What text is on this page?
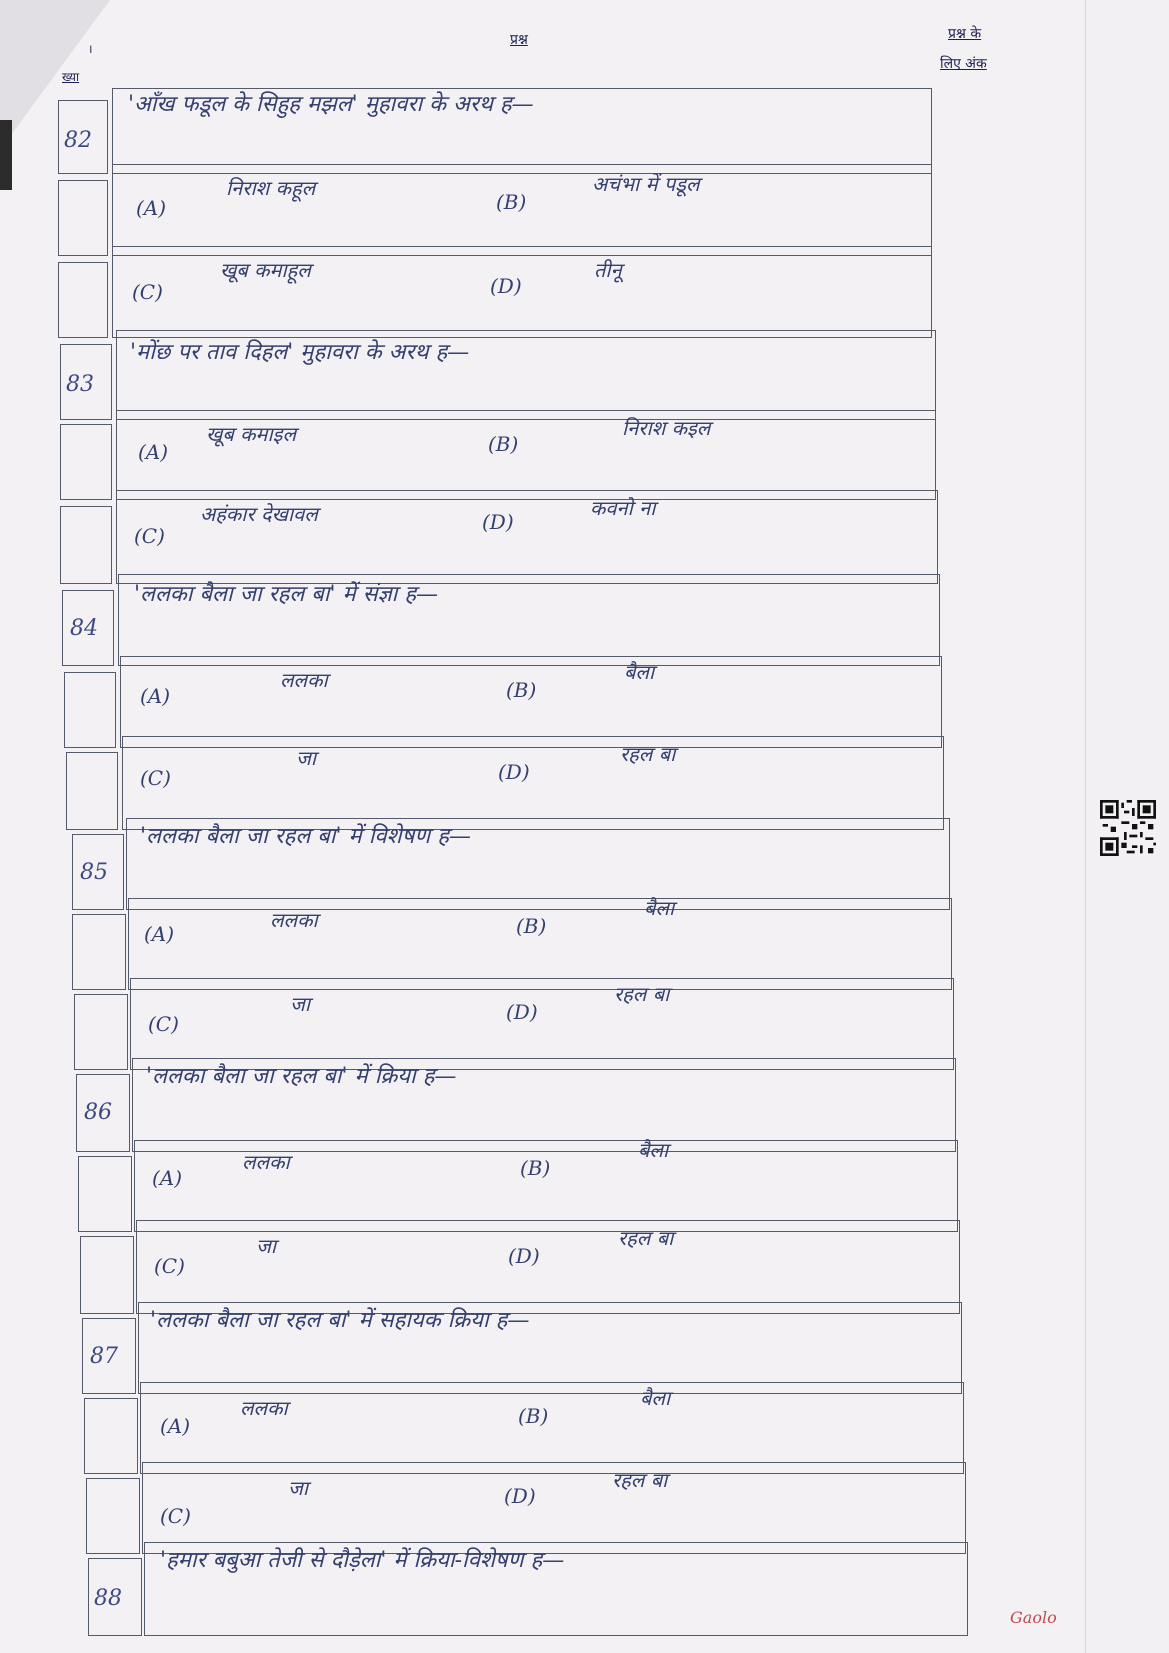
प्रश्न	प्रश्न के
लिए अंक
।
ख्या
82
'आँख फडूल के सिहुह मझल' मुहावरा के अरथ ह—
(A)
निराश कहूल
(B)
अचंभा में पडूल
(C)
खूब कमाहूल
(D)
तीनू
83
'मोंछ पर ताव दिहल' मुहावरा के अरथ ह—
(A)
खूब कमाइल	(B)
निराश कइल
(C)
अहंकार देखावल	(D)
कवनो ना
84
'ललका बैला जा रहल बा' में संज्ञा ह—
(A)
ललका	(B)
बैला
(C)
जा
(D)
रहल बा
85
'ललका बैला जा रहल बा' में विशेषण ह—
(A)
ललका	(B)
बैला
(C)
जा	(D)
रहल बा
86
'ललका बैला जा रहल बा' में क्रिया ह—
(A)
ललका	(B)
बैला
(C)
जा	(D)
रहल बा
87
'ललका बैला जा रहल बा' में सहायक क्रिया ह—
(A)
ललका	(B)
बैला
(C)
जा	(D)
रहल बा
88
'हमार बबुआ तेजी से दौड़ेला' में क्रिया-विशेषण ह—
Gaolo
